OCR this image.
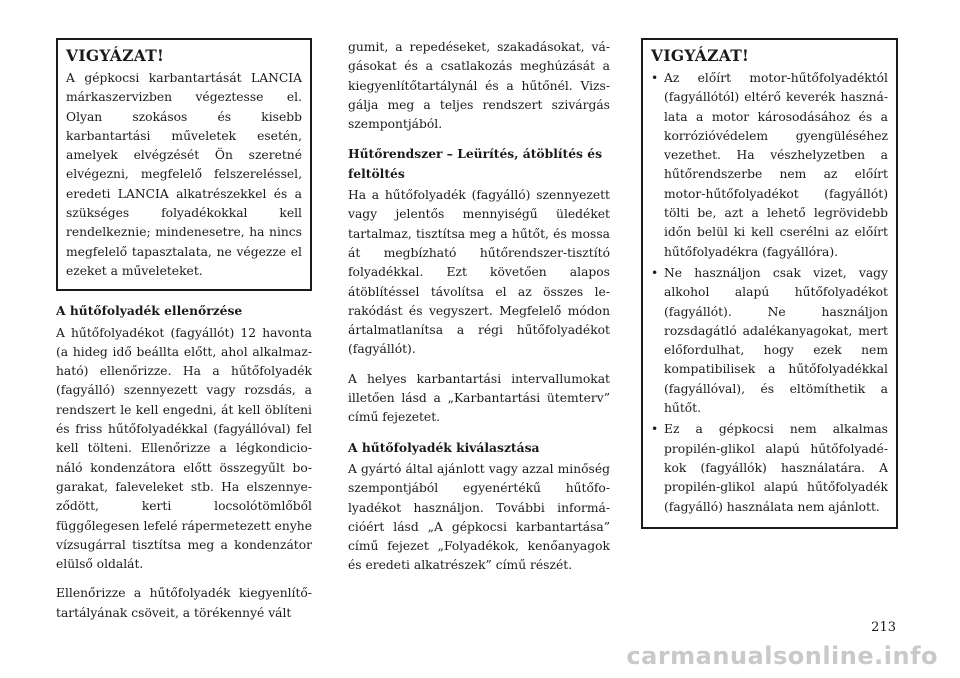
VIGYÁZAT!

A gépkocsi karbantartását LANCIA márkaszervizben végeztesse el. Olyan szokásos és kisebb karbantartási műveletek esetén, amelyek elvégzését Ön szeretné elvégezni, megfelelő felszereléssel, eredeti LANCIA alkatrészekkel és a szükséges folyadékokkal kell rendelkeznie; mindenesetre, ha nincs megfelelő tapasztalata, ne végezze el ezeket a műveleteket.

A hűtőfolyadék ellenőrzése

A hűtőfolyadékot (fagyállót) 12 havonta (a hideg idő beállta előtt, ahol alkalmazható) ellenőrizze. Ha a hűtőfolyadék (fagyálló) szennyezett vagy rozsdás, a rendszert le kell engedni, át kell öblíteni és friss hűtőfolyadékkal (fagyállóval) fel kell tölteni. Ellenőrizze a légkondicionáló kondenzátora előtt összegyűlt bogarakat, faleveleket stb. Ha elszennyeződött, kerti locsolótömlőből függőlegesen lefelé rápermetezett enyhe vízsugárral tisztítsa meg a kondenzátor elülső oldalát.

Ellenőrizze a hűtőfolyadék kiegyenlítőtartályának csöveit, a törékennyé vált

gumit, a repedéseket, szakadásokat, vágásokat és a csatlakozás meghúzását a kiegyenlítőtartálynál és a hűtőnél. Vizsgálja meg a teljes rendszert szivárgás szempontjából.

Hűtőrendszer – Leürítés, átöblítés és feltöltés

Ha a hűtőfolyadék (fagyálló) szennyezett vagy jelentős mennyiségű üledéket tartalmaz, tisztítsa meg a hűtőt, és mossa át megbízható hűtőrendszer-tisztító folyadékkal. Ezt követően alapos átöblítéssel távolítsa el az összes lerakódást és vegyszert. Megfelelő módon ártalmatlanítsa a régi hűtőfolyadékot (fagyállót).

A helyes karbantartási intervallumokat illetően lásd a „Karbantartási ütemterv” című fejezetet.

A hűtőfolyadék kiválasztása

A gyártó által ajánlott vagy azzal minőség szempontjából egyenértékű hűtőfolyadékot használjon. További információért lásd „A gépkocsi karbantartása” című fejezet „Folyadékok, kenőanyagok és eredeti alkatrészek” című részét.

VIGYÁZAT!
• Az előírt motor-hűtőfolyadéktól (fagyállótól) eltérő keverék használata a motor károsodásához és a korrózióvédelem gyengüléséhez vezethet. Ha vészhelyzetben a hűtőrendszerbe nem az előírt motor-hűtőfolyadékot (fagyállót) tölti be, azt a lehető legrövidebb időn belül ki kell cserélni az előírt hűtőfolyadékra (fagyállóra).
• Ne használjon csak vizet, vagy alkohol alapú hűtőfolyadékot (fagyállót). Ne használjon rozsdagátló adalékanyagokat, mert előfordulhat, hogy ezek nem kompatibilisek a hűtőfolyadékkal (fagyállóval), és eltömíthetik a hűtőt.
• Ez a gépkocsi nem alkalmas propilén-glikol alapú hűtőfolyadékok (fagyállók) használatára. A propilén-glikol alapú hűtőfolyadék (fagyálló) használata nem ajánlott.
213
carmanualsonline.info
